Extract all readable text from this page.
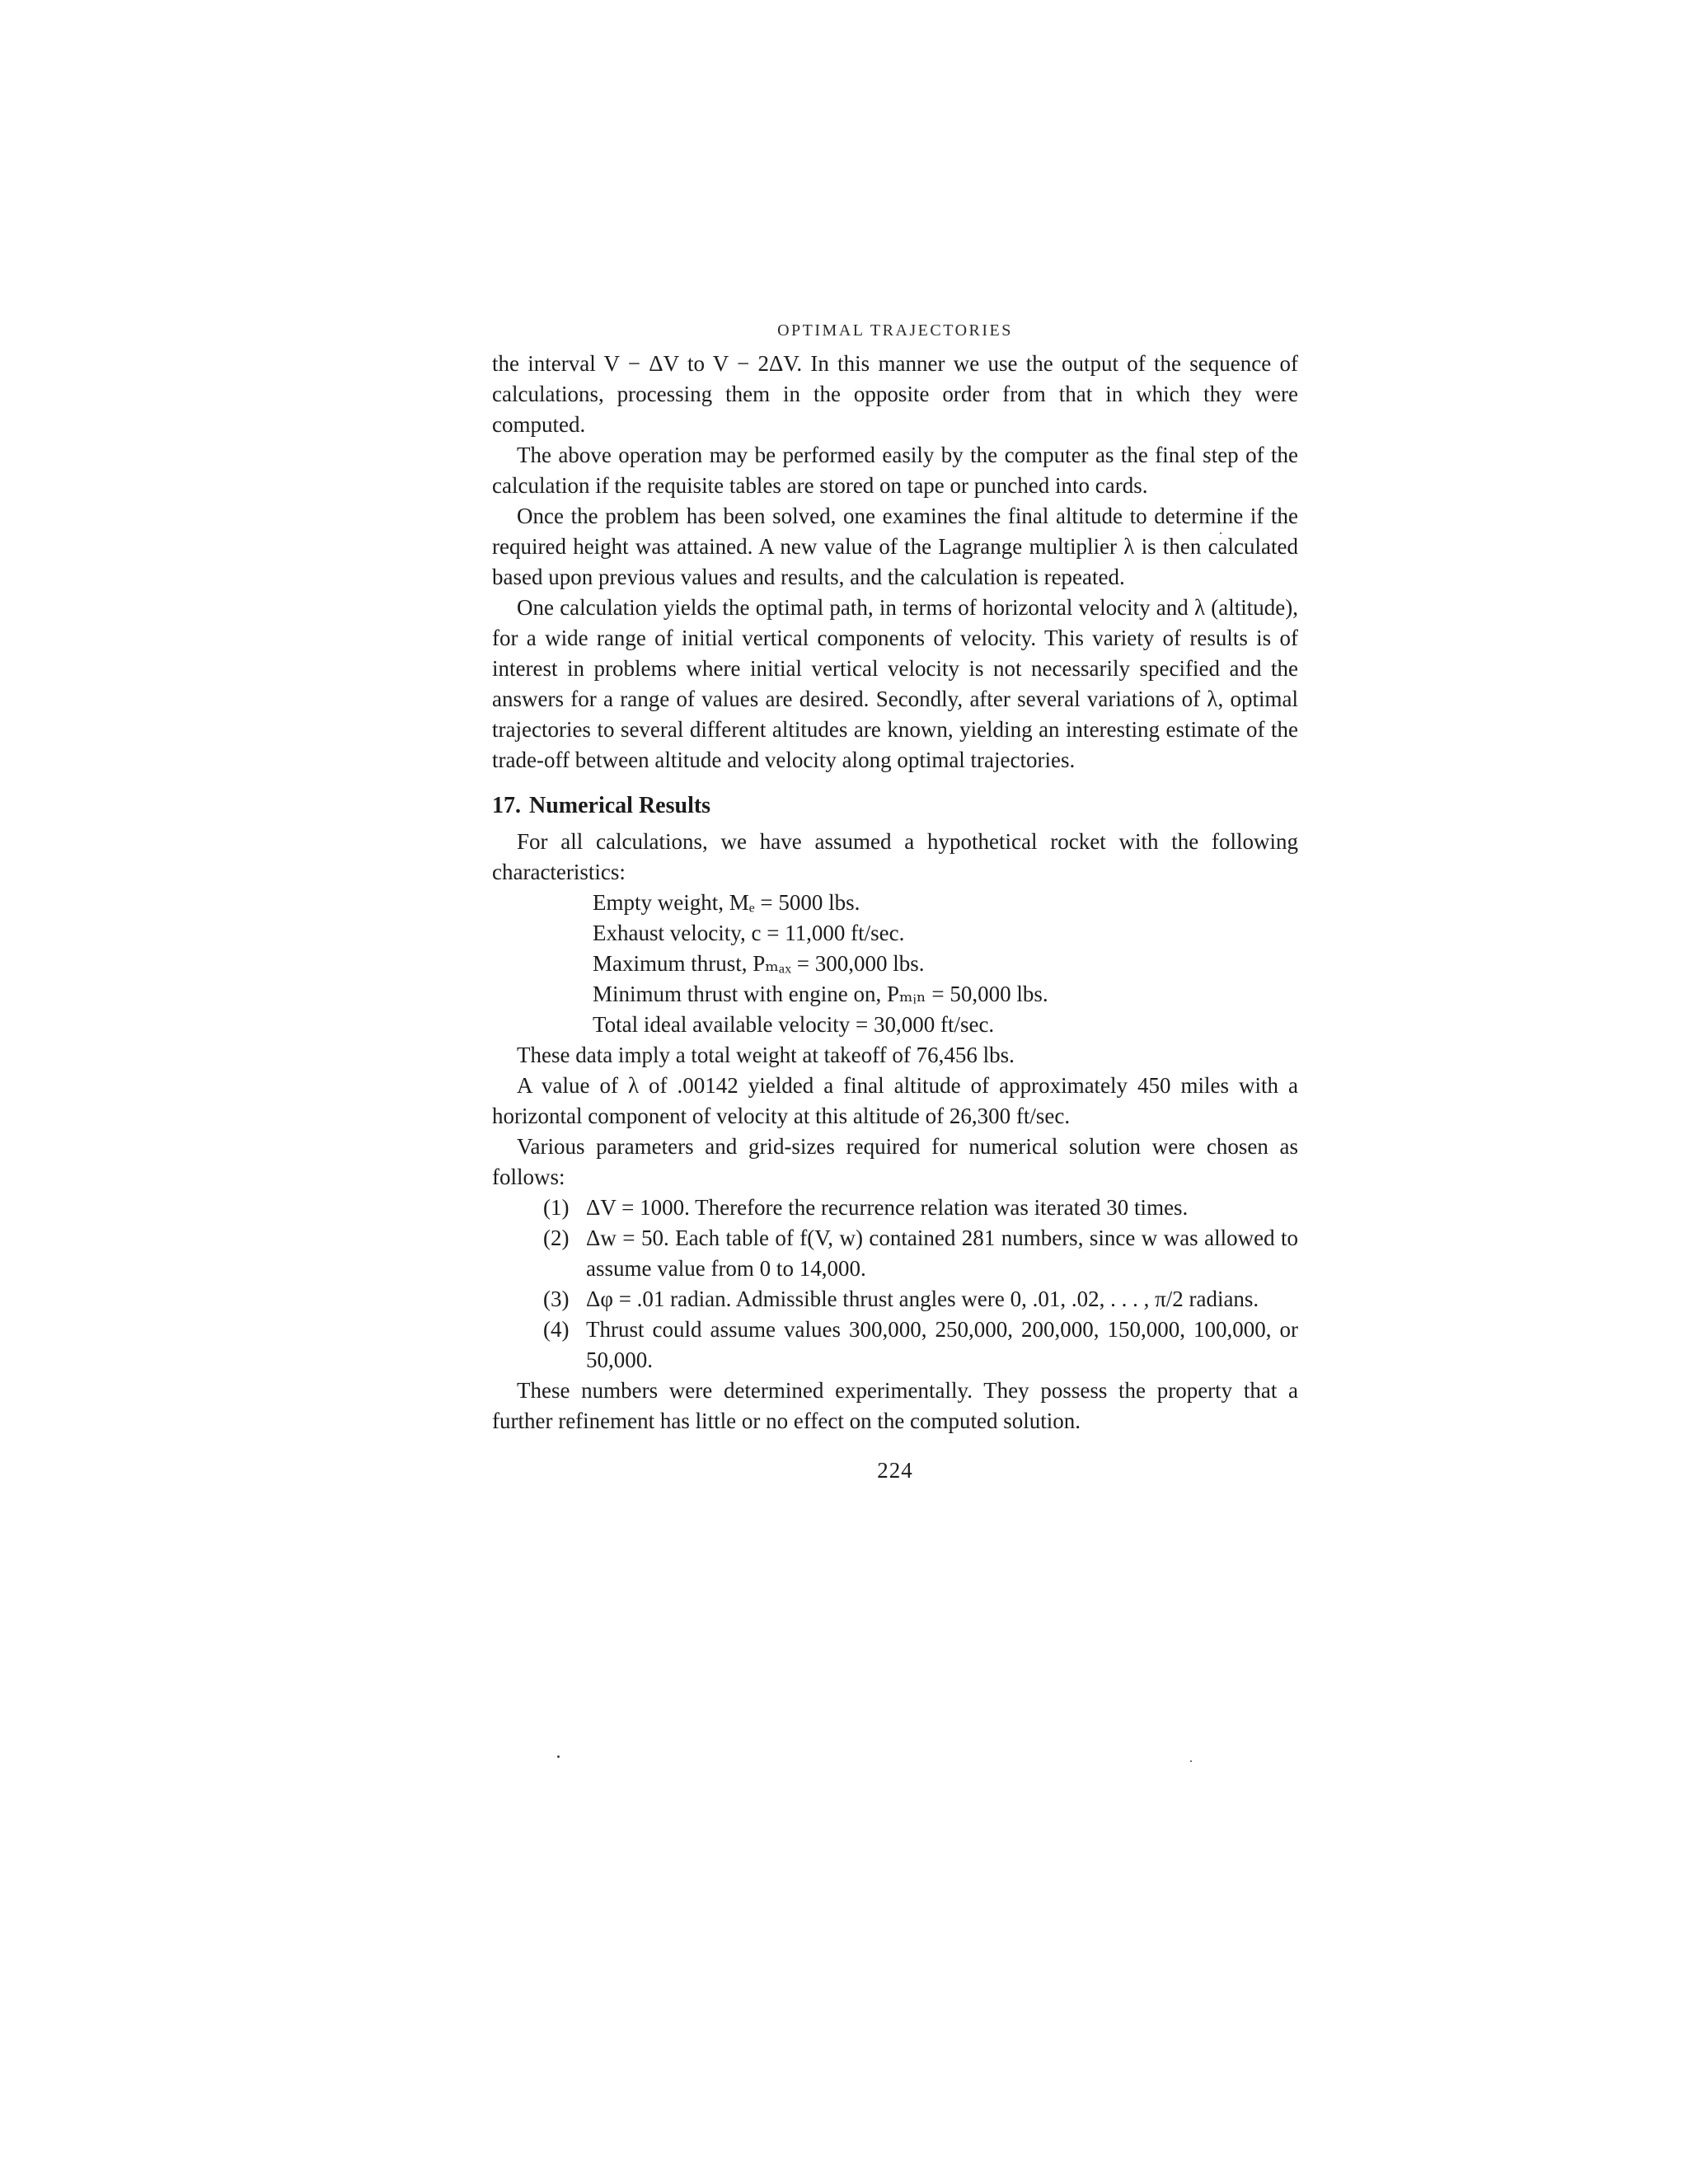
OPTIMAL TRAJECTORIES

the interval V − ΔV to V − 2ΔV. In this manner we use the output of the sequence of calculations, processing them in the opposite order from that in which they were computed.

The above operation may be performed easily by the computer as the final step of the calculation if the requisite tables are stored on tape or punched into cards.

Once the problem has been solved, one examines the final altitude to determine if the required height was attained. A new value of the Lagrange multiplier λ is then calculated based upon previous values and results, and the calculation is repeated.

One calculation yields the optimal path, in terms of horizontal velocity and λ (altitude), for a wide range of initial vertical components of velocity. This variety of results is of interest in problems where initial vertical velocity is not necessarily specified and the answers for a range of values are desired. Secondly, after several variations of λ, optimal trajectories to several different altitudes are known, yielding an interesting estimate of the trade-off between altitude and velocity along optimal trajectories.

17. Numerical Results

For all calculations, we have assumed a hypothetical rocket with the following characteristics:

Empty weight, Mₑ = 5000 lbs.
Exhaust velocity, c = 11,000 ft/sec.
Maximum thrust, Pₘₐₓ = 300,000 lbs.
Minimum thrust with engine on, Pₘᵢₙ = 50,000 lbs.
Total ideal available velocity = 30,000 ft/sec.

These data imply a total weight at takeoff of 76,456 lbs.

A value of λ of .00142 yielded a final altitude of approximately 450 miles with a horizontal component of velocity at this altitude of 26,300 ft/sec.

Various parameters and grid-sizes required for numerical solution were chosen as follows:

(1) ΔV = 1000. Therefore the recurrence relation was iterated 30 times.
(2) Δw = 50. Each table of f(V, w) contained 281 numbers, since w was allowed to assume value from 0 to 14,000.
(3) Δφ = .01 radian. Admissible thrust angles were 0, .01, .02, . . . , π/2 radians.
(4) Thrust could assume values 300,000, 250,000, 200,000, 150,000, 100,000, or 50,000.

These numbers were determined experimentally. They possess the property that a further refinement has little or no effect on the computed solution.

224
